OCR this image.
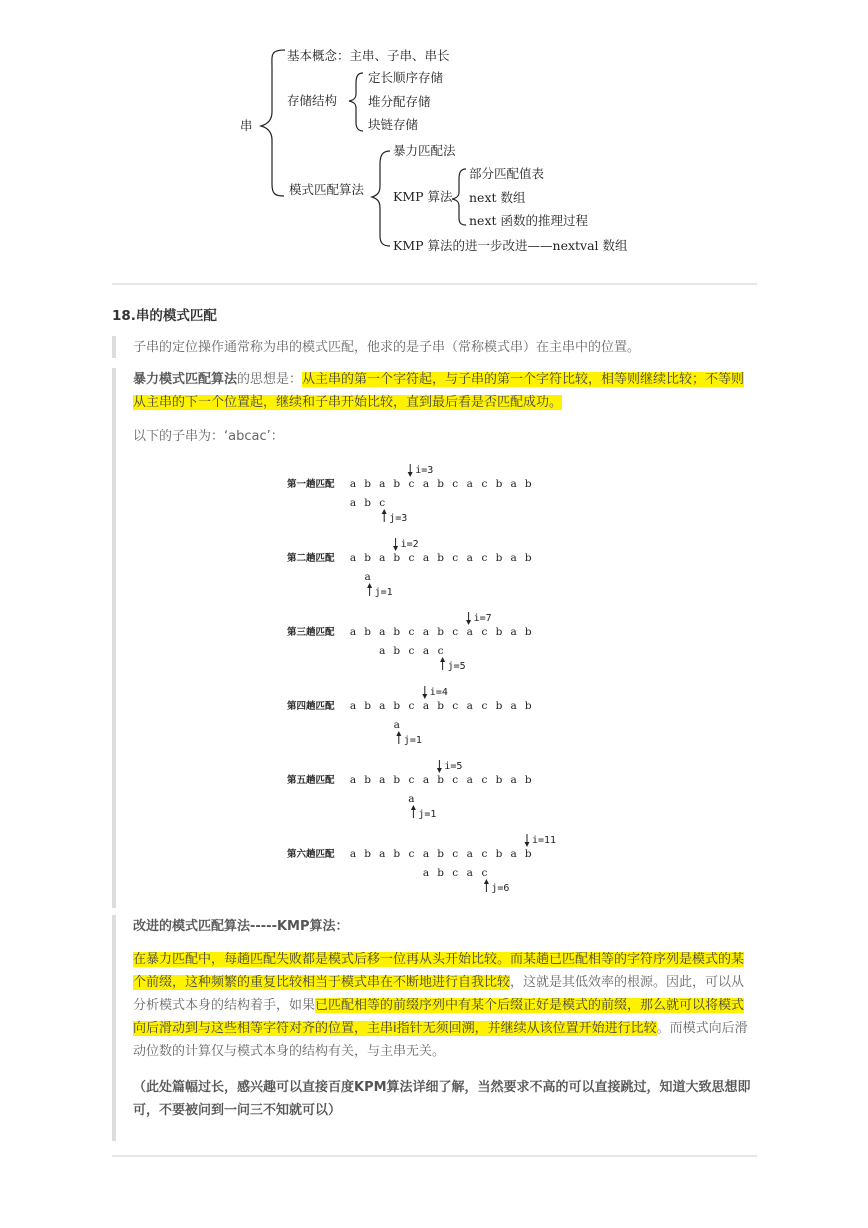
串
基本概念：主串、子串、串长
存储结构
定长顺序存储
堆分配存储
块链存储
模式匹配算法
暴力匹配法
KMP 算法
部分匹配值表
next 数组
next 函数的推理过程
KMP 算法的进一步改进——nextval 数组
18.串的模式匹配

子串的定位操作通常称为串的模式匹配，他求的是子串（常称模式串）在主串中的位置。

暴力模式匹配算法的思想是：从主串的第一个字符起，与子串的第一个字符比较，相等则继续比较；不等则从主串的下一个位置起，继续和子串开始比较，直到最后看是否匹配成功。

以下的子串为：‘abcac’：

第一趟匹配 a b a b c a b c a c b a b
a b c
i=3
j=3
第二趟匹配 a b a b c a b c a c b a b
a
i=2
j=1
第三趟匹配 a b a b c a b c a c b a b
a b c a c
i=7
j=5
第四趟匹配 a b a b c a b c a c b a b
a
i=4
j=1
第五趟匹配 a b a b c a b c a c b a b
a
i=5
j=1
第六趟匹配 a b a b c a b c a c b a b
a b c a c
i=11
j=6

改进的模式匹配算法-----KMP算法：

在暴力匹配中，每趟匹配失败都是模式后移一位再从头开始比较。而某趟已匹配相等的字符序列是模式的某个前缀，这种频繁的重复比较相当于模式串在不断地进行自我比较，这就是其低效率的根源。因此，可以从分析模式本身的结构着手，如果已匹配相等的前缀序列中有某个后缀正好是模式的前缀，那么就可以将模式向后滑动到与这些相等字符对齐的位置，主串i指针无须回溯，并继续从该位置开始进行比较。而模式向后滑动位数的计算仅与模式本身的结构有关，与主串无关。

（此处篇幅过长，感兴趣可以直接百度KPM算法详细了解，当然要求不高的可以直接跳过，知道大致思想即可，不要被问到一问三不知就可以）
